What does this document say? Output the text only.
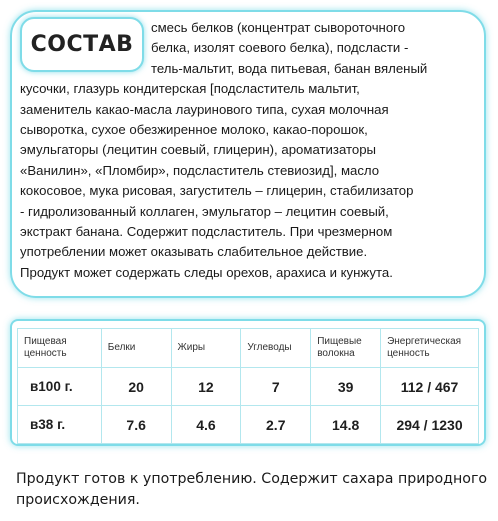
смесь белков (концентрат сывороточного
белка, изолят соевого белка), подсласти -
тель-мальтит, вода питьевая, банан вяленый
кусочки, глазурь кондитерская [подсластитель мальтит,
заменитель какао-масла лауринового типа, сухая молочная
сыворотка, сухое обезжиренное молоко, какао-порошок,
эмульгаторы (лецитин соевый, глицерин), ароматизаторы
«Ванилин», «Пломбир», подсластитель стевиозид], масло
кокосовое, мука рисовая, загуститель – глицерин, стабилизатор
- гидролизованный коллаген, эмульгатор – лецитин соевый,
экстракт банана. Содержит подсластитель. При чрезмерном
употреблении может оказывать слабительное действие.
Продукт может содержать следы орехов, арахиса и кунжута.
СОСТАВ
Пищевая ценность	Белки	Жиры	Углеводы	Пищевые волокна	Энергетическая ценность
в100 г.	20	12	7	39	112 / 467
в38 г.	7.6	4.6	2.7	14.8	294 / 1230
Продукт готов к употреблению. Содержит сахара природного происхождения.
